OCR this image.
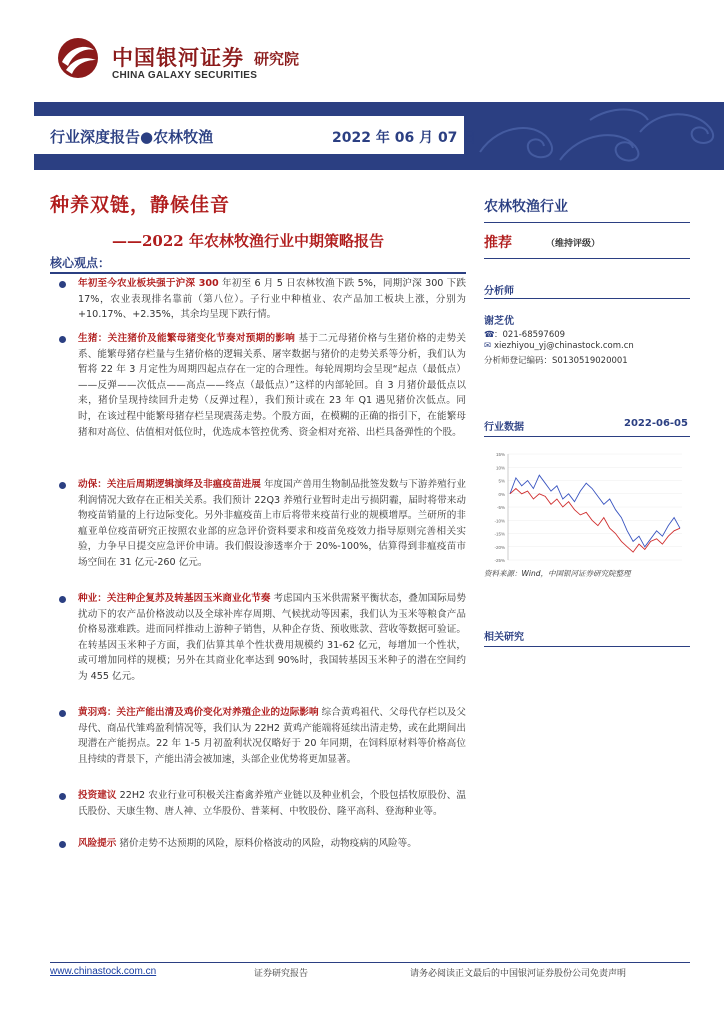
中国银河证券
CHINA GALAXY SECURITIES
研究院
行业深度报告●农林牧渔	2022 年 06 月 07 日
种养双链，静候佳音
——2022 年农林牧渔行业中期策略报告
核心观点：
年初至今农业板块强于沪深 300 年初至 6 月 5 日农林牧渔下跌 5%，同期沪深 300 下跌 17%，农业表现排名靠前（第八位）。子行业中种植业、农产品加工板块上涨，分别为+10.17%、+2.35%，其余均呈现下跌行情。
生猪：关注猪价及能繁母猪变化节奏对预期的影响 基于二元母猪价格与生猪价格的走势关系、能繁母猪存栏量与生猪价格的逻辑关系、屠宰数据与猪价的走势关系等分析，我们认为暂将 22 年 3 月定性为周期四起点存在一定的合理性。每轮周期均会呈现“起点（最低点）——反弹——次低点——高点——终点（最低点）”这样的内部轮回。自 3 月猪价最低点以来，猪价呈现持续回升走势（反弹过程），我们预计或在 23 年 Q1 遇见猪价次低点。同时，在该过程中能繁母猪存栏呈现震荡走势。个股方面，在模糊的正确的指引下，在能繁母猪和对高位、估值相对低位时，优选成本管控优秀、资金相对充裕、出栏具备弹性的个股。
动保：关注后周期逻辑演绎及非瘟疫苗进展 年度国产兽用生物制品批签发数与下游养殖行业利润情况大致存在正相关关系。我们预计 22Q3 养殖行业暂时走出亏损阴霾，届时将带来动物疫苗销量的上行边际变化。另外非瘟疫苗上市后将带来疫苗行业的规模增厚。兰研所的非瘟亚单位疫苗研究正按照农业部的应急评价资料要求和疫苗免疫效力指导原则完善相关实验，力争早日提交应急评价申请。我们假设渗透率介于 20%-100%，估算得到非瘟疫苗市场空间在 31 亿元-260 亿元。
种业：关注种企复苏及转基因玉米商业化节奏 考虑国内玉米供需紧平衡状态，叠加国际局势扰动下的农产品价格波动以及全球补库存周期、气候扰动等因素，我们认为玉米等粮食产品价格易涨难跌。进而同样推动上游种子销售，从种企存货、预收账款、营收等数据可验证。在转基因玉米种子方面，我们估算其单个性状费用规模约 31-62 亿元，每增加一个性状，或可增加同样的规模；另外在其商业化率达到 90%时，我国转基因玉米种子的潜在空间约为 455 亿元。
黄羽鸡：关注产能出清及鸡价变化对养殖企业的边际影响 综合黄鸡祖代、父母代存栏以及父母代、商品代雏鸡盈利情况等，我们认为 22H2 黄鸡产能端将延续出清走势，或在此期间出现潜在产能拐点。22 年 1-5 月初盈利状况仅略好于 20 年同期，在饲料原材料等价格高位且持续的背景下，产能出清会被加速，头部企业优势将更加显著。
投资建议 22H2 农业行业可积极关注畜禽养殖产业链以及种业机会，个股包括牧原股份、温氏股份、天康生物、唐人神、立华股份、普莱柯、中牧股份、隆平高科、登海种业等。
风险提示 猪价走势不达预期的风险，原料价格波动的风险，动物疫病的风险等。
农林牧渔行业
推荐	（维持评级）
分析师
谢芝优
☎：021-68597609
✉ xiezhiyou_yj@chinastock.com.cn
分析师登记编码：S0130519020001
行业数据	2022-06-05
15%
10%
5%
0%
-5%
-10%
-15%
-20%
-25%
资料来源：Wind，中国银河证券研究院整理
相关研究
www.chinastock.com.cn	证券研究报告	请务必阅读正文最后的中国银河证券股份公司免责声明
